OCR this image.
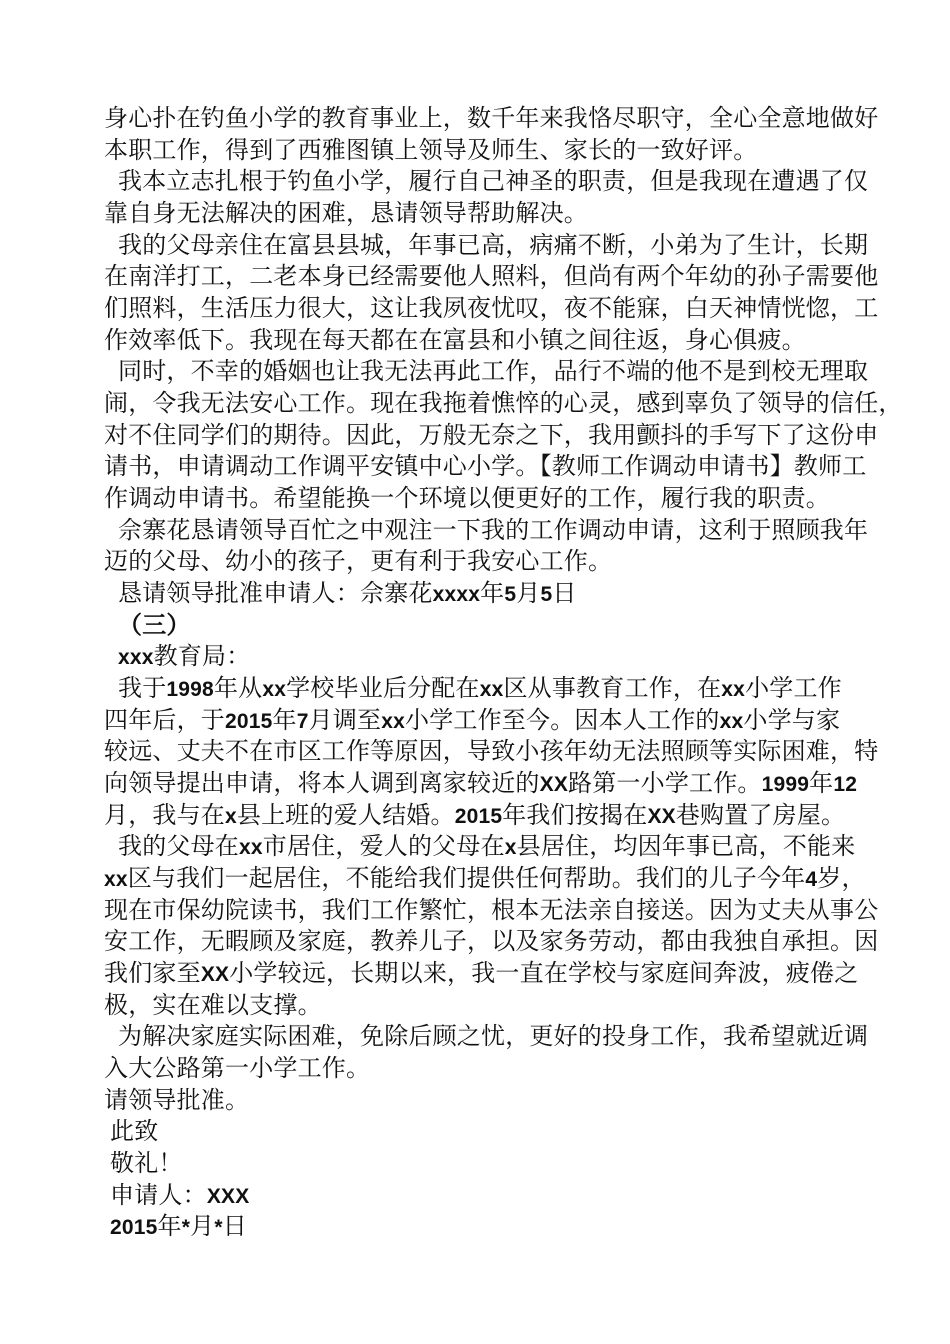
身心扑在钓鱼小学的教育事业上，数千年来我恪尽职守，全心全意地做好
本职工作，得到了西雅图镇上领导及师生、家长的一致好评。
我本立志扎根于钓鱼小学，履行自己神圣的职责，但是我现在遭遇了仅
靠自身无法解决的困难，恳请领导帮助解决。
我的父母亲住在富县县城，年事已高，病痛不断，小弟为了生计，长期
在南洋打工，二老本身已经需要他人照料，但尚有两个年幼的孙子需要他
们照料，生活压力很大，这让我夙夜忧叹，夜不能寐，白天神情恍惚，工
作效率低下。我现在每天都在在富县和小镇之间往返，身心俱疲。
同时，不幸的婚姻也让我无法再此工作，品行不端的他不是到校无理取
闹，令我无法安心工作。现在我拖着憔悴的心灵，感到辜负了领导的信任，
对不住同学们的期待。因此，万般无奈之下，我用颤抖的手写下了这份申
请书，申请调动工作调平安镇中心小学。【教师工作调动申请书】教师工
作调动申请书。希望能换一个环境以便更好的工作，履行我的职责。
佘寨花恳请领导百忙之中观注一下我的工作调动申请，这利于照顾我年
迈的父母、幼小的孩子，更有利于我安心工作。
恳请领导批准申请人：佘寨花xxxx年5月5日
（三）
xxx教育局：
我于1998年从xx学校毕业后分配在xx区从事教育工作，在xx小学工作
四年后，于2015年7月调至xx小学工作至今。因本人工作的xx小学与家
较远、丈夫不在市区工作等原因，导致小孩年幼无法照顾等实际困难，特
向领导提出申请，将本人调到离家较近的XX路第一小学工作。1999年12
月，我与在x县上班的爱人结婚。2015年我们按揭在XX巷购置了房屋。
我的父母在xx市居住，爱人的父母在x县居住，均因年事已高，不能来
xx区与我们一起居住，不能给我们提供任何帮助。我们的儿子今年4岁，
现在市保幼院读书，我们工作繁忙，根本无法亲自接送。因为丈夫从事公
安工作，无暇顾及家庭，教养儿子，以及家务劳动，都由我独自承担。因
我们家至XX小学较远，长期以来，我一直在学校与家庭间奔波，疲倦之
极，实在难以支撑。
为解决家庭实际困难，免除后顾之忧，更好的投身工作，我希望就近调
入大公路第一小学工作。
请领导批准。
此致
敬礼！
申请人：XXX
2015年*月*日
